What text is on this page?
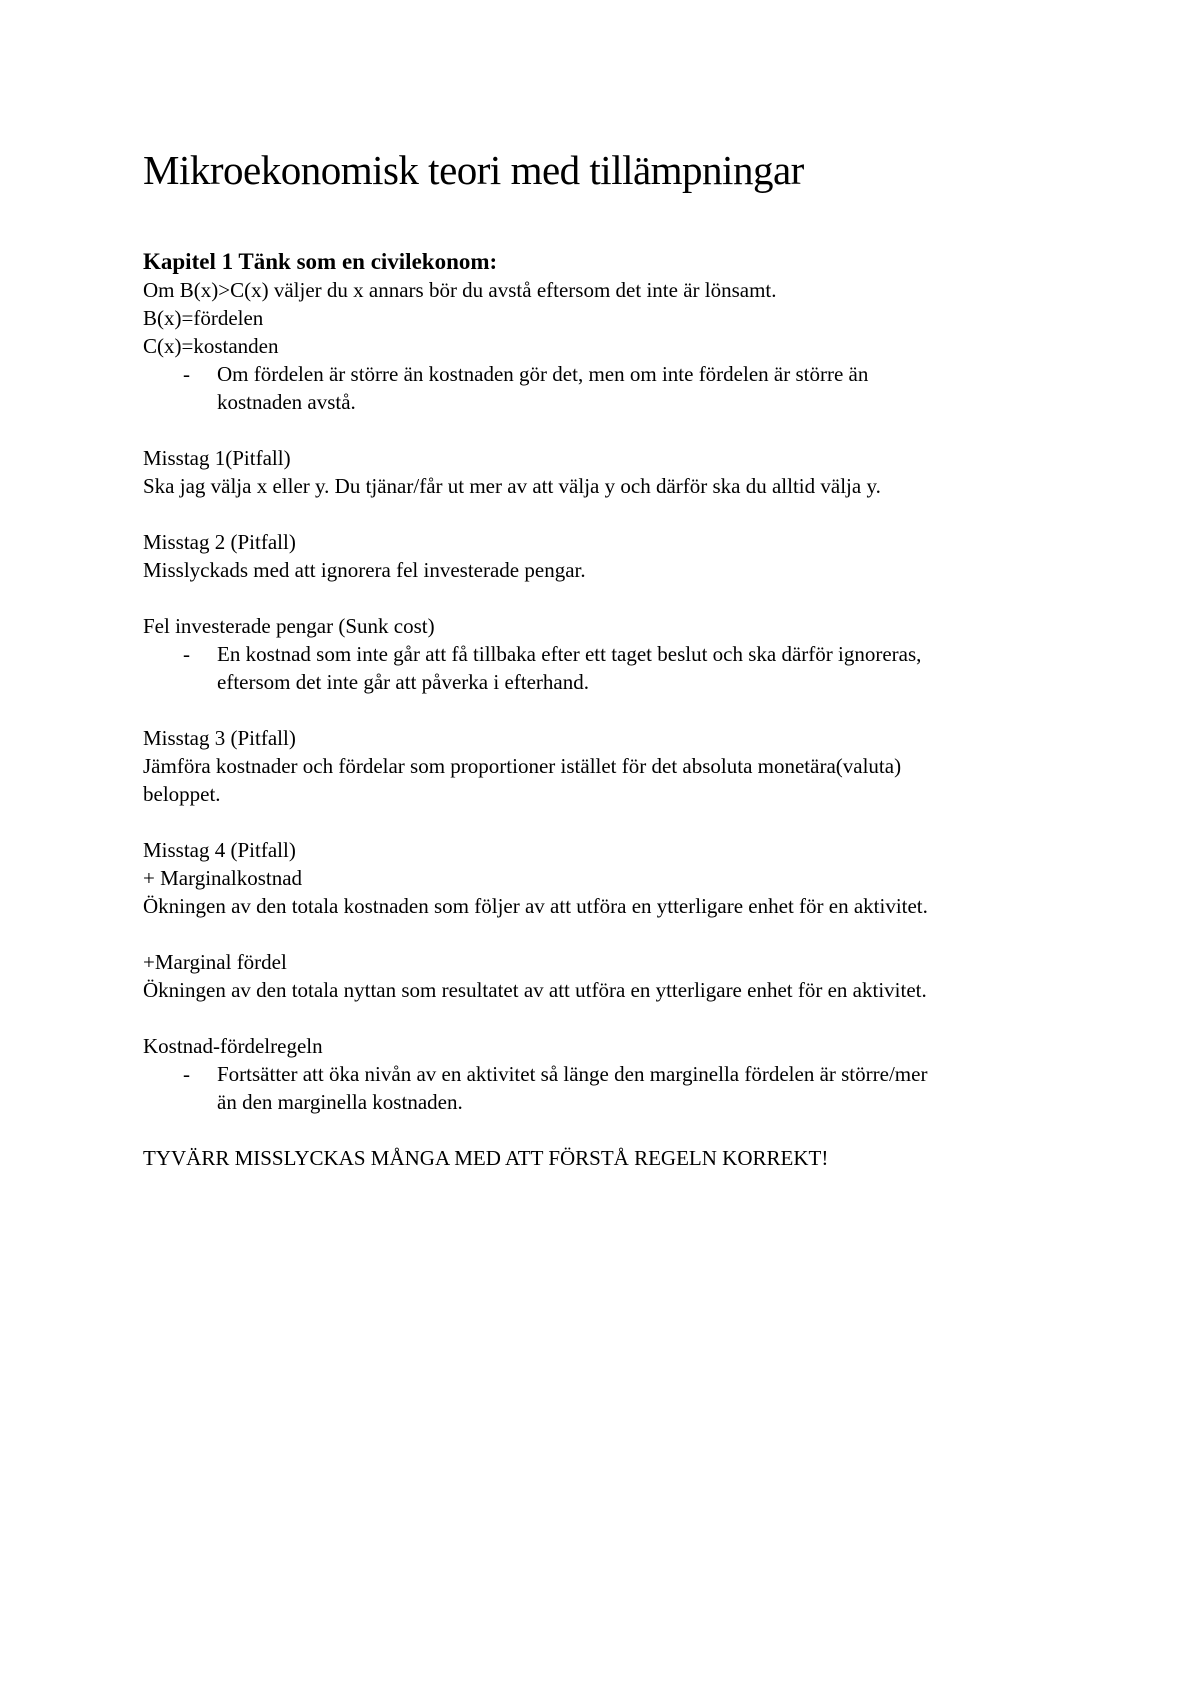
Mikroekonomisk teori med tillämpningar

Kapitel 1 Tänk som en civilekonom:

Om B(x)>C(x) väljer du x annars bör du avstå eftersom det inte är lönsamt.

B(x)=fördelen

C(x)=kostanden

- Om fördelen är större än kostnaden gör det, men om inte fördelen är större än
kostnaden avstå.

Misstag 1(Pitfall)

Ska jag välja x eller y. Du tjänar/får ut mer av att välja y och därför ska du alltid välja y.

Misstag 2 (Pitfall)

Misslyckads med att ignorera fel investerade pengar.

Fel investerade pengar (Sunk cost)

- En kostnad som inte går att få tillbaka efter ett taget beslut och ska därför ignoreras,
eftersom det inte går att påverka i efterhand.

Misstag 3 (Pitfall)

Jämföra kostnader och fördelar som proportioner istället för det absoluta monetära(valuta)

beloppet.

Misstag 4 (Pitfall)

+ Marginalkostnad

Ökningen av den totala kostnaden som följer av att utföra en ytterligare enhet för en aktivitet.

+Marginal fördel

Ökningen av den totala nyttan som resultatet av att utföra en ytterligare enhet för en aktivitet.

Kostnad-fördelregeln

- Fortsätter att öka nivån av en aktivitet så länge den marginella fördelen är större/mer
än den marginella kostnaden.

TYVÄRR MISSLYCKAS MÅNGA MED ATT FÖRSTÅ REGELN KORREKT!
